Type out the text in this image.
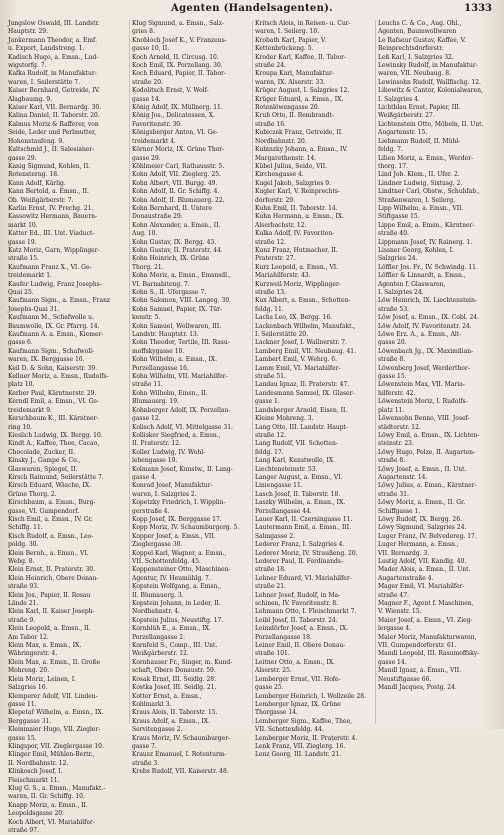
Agenten (Handelsagenten).	1333
Jungslow Oswald, III. Landstr.
Hauptstr. 29.
Junkermann Theodor, a. Emf.
u. Export, Landstrong. 1.
Kadisch Hugo, a. Emsn., Lud-
wigstorfg. 7.
Kafka Rudolf, in Manufaktur-
waren, I. Seilerstätte 7.
Kaiser Bernhard, Getreide, IV.
Alagbaumg. 9.
Kaiser Karl, VII. Bernardg. 30.
Kalina Daniel, II. Taborstr. 20.
Kalmus Moriz & Rafferer, von
Seide, Leder und Perlmutter,
Hohenstaufeng. 9.
Kaltschmid J., II. Salesianer-
gasse 29.
Kanig Sigmund, Kohlen, II.
Rotensterng. 18.
Kann Adolf, Kärlig.
Kann Bertold, a. Emsn., II.
Ob. Weißgärberstr. 7.
Karlin Ernst, IV. Prechg. 21.
Kassowitz Hermann, Bauern-
markt 10.
Katter Ed., III. Unt. Viaduct-
gasse 19.
Katz Moriz, Garn, Wipplinger-
straße 15.
Kaufmann Franz X., VI. Ge-
treidemarkt 1.
Kaufer Ludwig, Franz Josephs-
Quai 25.
Kaufmann Sigm., a. Emsn., Franz
Josephs-Quai 31.
Kaufmann M., Schafwolle u.
Baumwolle, IX. Gr. Pfarrg. 14.
Kaufmann A. a. Emsn., Kiemer-
gasse 6.
Kaufmann Sigm., Schafwoll-
waren, IX. Berggasse 16.
Keil D. & Sohn, Kaiserstr. 39.
Kellner Moriz, a. Emsn., Rudolfs-
platz 10.
Kerber Paul, Kärntnerstr. 29.
Kerndl Emil, a. Emsn., VI. Ge-
treidemarkt 9.
Kerschbaum K., III. Kärntner-
ring 10.
Kieslich Ludwig, IX. Bergg. 10.
Kindt A., Kaffee, Thee, Cacao,
Chocolade, Zucker, II.
Kinsky J., Gampe & Co.,
Glaswaren, Spiegel, II.
Kirsch Raimund, Seilerstätte 7.
Kirsch Eduard, Wäsche, IX.
Grüne Thorg. 2.
Kirschbaum, a. Emsn., Burg-
gasse, VI. Gumpendorf.
Kisch Emil, a. Emsn., IV. Gr.
Schiffg. 11.
Kisch Rudolf, a. Emsn., Leo-
poldg. 30.
Klein Bernh., a. Emsn., VI.
Webg. 8.
Klein Ernst, II. Praterstr. 30.
Klein Heinrich, Obere Donau-
straße 93.
Klein Jos., Papier, II. Rosau
Lände 21.
Klein Karl, II. Kaiser Joseph-
straße 9.
Klein Leopold, a. Emsn., II.
Am Tabor 12.
Klein Max, a. Emsn., IX.
Währingerstr. 4.
Klein Max, a. Emsn., II. Große
Mohreng. 20.
Klein Moriz, Leinen, I.
Salzgries 16.
Klemperer Adolf, VII. Linden-
gasse 11.
Klepetař Wilhelm, a. Emsn., IX.
Berggasse 31.
Kleinmaier Hugo, VII. Ziegler-
gasse 15.
Klingspor, VII. Zieglergasse 10.
Klinger Emil, Mühlen-Bertr.,
II. Nordbahnstr. 12.
Klinkosch Josef, I.
Fleischmarkt 11.
Klug G. S., a. Emsn., Manufakt.-
waren, II. Gr. Schiffg. 10.
Knapp Moriz, a. Emsn., II.
Leopoldsgasse 20.
Koch Albert, VI. Mariahilfer-
straße 97.
Klug Sigmund, a. Emsn., Salz-
gries 8.
Knobloch Josef K., V. Franzens-
gasse 10, II.
Koch Arnold, II. Circusg. 10.
Koch Emil, IX. Porzellang. 30.
Koch Eduard, Papier, II. Tabor-
straße 20.
Kodolitsch Ernst, V. Wolf-
gasse 14.
König Adolf, IX. Müllnerg. 11.
König Jos., Delicatessen, X.
Favoritenstr. 30.
Königsberger Anton, VI. Ge-
treidemarkt 4.
Körner Moriz, IX. Grüne Thor-
gasse 29.
Köhlmeier Carl, Rathausstr. 5.
Kohn Adolf, VII. Zieglerg. 25.
Kohn Albert, VII. Burgg. 49.
Kohn Adolf, II. Gr. Schiffg. 4.
Kohn Adolf, II. Blumauerg. 22.
Kohn Bernhard, II. Untere
Donaustraße 29.
Kohn Alexander, a. Emsn., II.
Aug. 10.
Kohn Gustav, IX. Bergg. 43.
Kohn Gustav, II. Praterstr. 44.
Kohn Heinrich, IX. Grüne
Thorg. 21.
Kohn Moriz, a. Emsn., Emsnsdl.,
VI. Barnabiteng. 7.
Kohn S., II. Ufergasse 7.
Kohn Salomon, VIII. Langeg. 30.
Kohn Samuel, Papier, IX. Tür-
kenstr. 5.
Kohn Samuel, Wollwaren, III.
Landstr. Hauptstr. 13.
Kohn Theodor, Tertile, III. Rasu-
moffskygasse 10.
Kohn Wilhelm, a. Emsn., IX.
Porzellangasse 16.
Kohn Wilhelm, VII. Mariahilfer-
straße 11.
Kohn Wilhelm, Emsn., II.
Blumauerg. 19.
Kohnberger Adolf, IX. Porzellan-
gasse 12.
Kolisch Adolf, VI. Mittelgasse 31.
Kollisker Siegfried, a. Emsn.,
II. Praterstr. 12.
Koller Ludwig, IV. Wohl-
lebengasse 19.
Kolmann Josef, Kunstw., II. Lang-
gasse 4.
Konrad Josef, Manufaktur-
waren, I. Salzgries 2.
Kopetzky Friedrich, I. Wipplin-
gerstraße 4.
Kopp Josef, IX. Berggasse 17.
Kopp Moriz, IV. Schaumburgerg. 5.
Kopper Josef, a. Emsn., VII.
Zieglergasse 30.
Koppel Karl, Wagner, a. Emsn.,
VII. Schottenfeldg. 45.
Koppensteiner Otto, Maschinen-
Agentur, IV. Heumühlg. 7.
Kopstein Wolfgang, a. Emsn.,
II. Blumauerg. 3.
Kopstein Johann, in Leder, II.
Nordbahnstr. 4.
Kopstein Julius, Neustiftg. 17.
Kornblüh E., a. Emsn., IX.
Porzellangasse 2.
Kornfeld S., Comp., III. Unt.
Weißgärberstr. 12.
Kornhauser Fr., Singer, m. Kund-
schaft, Obere Donaustr. 59.
Kosak Ernst, III. Seidlg. 28.
Kostka Josef, III. Seidlg. 21.
Kotter Ernst, a. Emsn.,
Kohlmarkt 3.
Kraus Alois, II. Taborstr. 15.
Kraus Adolf, a. Emsn., IX.
Servitengasse 2.
Kraus Moriz, IV. Schaumburger-
gasse 7.
Krausz Emanuel, I. Rotenturm-
straße 3.
Krebs Rudolf, VII. Kaiserstr. 48.
Kritsch Alois, in Reisen- u. Cur-
waren, I. Seilerg. 10.
Krobath Karl, Papier, V.
Kettenbrückeng. 5.
Kroder Karl, Kaffee, II. Tabor-
straße 24.
Kroupa Karl, Manufaktur-
waren, IX. Alserstr. 33.
Krüger August, I. Salzgries 12.
Krüger Eduard, a. Emsn., IX.
Rotenlöwengasse 20.
Kruh Otto, II. Rembrandt-
straße 16.
Kubiczek Franz, Getreide, II.
Nordbahnstr. 20.
Kubinzky Johann, a. Emsn., IV.
Margarethenstr. 14.
Kübel Julius, Seide, VII.
Kirchengasse 4.
Kugel Jakob, Salzgries 9.
Kugler Karl, V. Reinprechts-
dorferstr. 29.
Kuhn Emil, II. Taborstr. 14.
Kuhn Hermann, a. Emsn., IX.
Alserbachstr. 12.
Kulka Adolf, IV. Favoriten-
straße 12.
Kunz Franz, Hutmacher, II.
Praterstr. 27.
Kurz Leopold, a. Emsn., VI.
Mariahilferstr. 43.
Kurzweil Moriz, Wipplinger-
straße 13.
Kux Albert, a. Emsn., Schotten-
feldg. 11.
Lachs Leo, IX. Bergg. 16.
Lackenbach Wilhelm, Manufakt.,
I. Seilerstätte 20.
Lackner Josef, I. Wallnerstr. 7.
Lamberg Emil, VII. Neubaug. 41.
Lambert Emil, V. Wehrg. 6.
Lamm Emil, VI. Mariahilfer-
straße 51.
Landau Ignaz, II. Praterstr. 47.
Landesmann Samuel, IX. Glaser-
gasse 1.
Landsberger Arnold, Eisen, II.
Kleine Mohreng. 3.
Lang Otto, III. Landstr. Haupt-
straße 12.
Lang Rudolf, VII. Schotten-
feldg. 17.
Lang Karl, Kunstwolle, IX.
Liechtensteinstr. 53.
Langer August, a. Emsn., VI.
Liniengasse 11.
Lasch Josef, II. Taborstr. 18.
Laszky Wilhelm, a. Emsn., IX.
Porzellangasse 44.
Lauer Karl, II. Czerningasse 11.
Lautermann Emil, a. Emsn., III.
Salmgasse 2.
Lederer Franz, I. Salzgries 4.
Lederer Moriz, IV. Straußeng. 20.
Lederer Paul, II. Ferdinands-
straße 18.
Lehner Eduard, VI. Mariahilfer-
straße 21.
Lehner Josef, Rudolf, in Ma-
schinen, IV. Favoritenstr. 8.
Lehmann Otto, I. Fleischmarkt 7.
Leibl Josef, II. Taborstr. 24.
Leimdörfer Josef, a. Emsn., IX.
Porzellangasse 18.
Leiner Emil, II. Obere Donau-
straße 101.
Leitner Otto, a. Emsn., IX.
Alserstr. 25.
Lemberger Ernst, VII. Hofe-
gasse 25.
Lemberger Heinrich, I. Wollzeile 28.
Lemberger Ignaz, IX. Grüne
Thorgasse 14.
Lemberger Sigm., Kaffee, Thee,
VII. Schottenfeldg. 44.
Lemberger Moriz, II. Praterstr. 4.
Lenk Franz, VII. Zieglerg. 16.
Lenz Georg, III. Landstr. 21.
Leuchs C. & Co., Aug. Ohl.,
Agenten, Baumwollwaren
Le Rafseur Gustav, Kaffee, V.
Reinprechtsdorferstr.
Leß Karl, I. Salzgries 32.
Lewinsky Rudolf, in Manufaktur-
waren, VII. Neubaug. 8.
Lewinsohn Rudolf, Wallfischg. 12.
Libowitz & Cantor, Kolonialwaren,
I. Salzgries 4.
Lichtblau Ernst, Papier, III.
Weißgärberstr. 27.
Lichtenstein Otto, Möbeln, II. Unt.
Augartenstr. 15.
Liebmann Rudolf, II. Mühl-
feldg. 7.
Lilien Moriz, a. Emsn., Werder-
thorg. 17.
Lind Job. Klem., II. Ufer. 2.
Lindner Ludwig, Sixtusg. 2.
Lindtner Carl, Obstw., Schuhfab.,
Straßenwaren, I. Seilerg.
Lipp Wilhelm, a. Emsn., VII.
Stiftgasse 15.
Lippe Emil, a. Emsn., Kärntner-
straße 40.
Lippmann Josef, IV. Rainerg. 1.
Lissner Georg, Kohlen, I.
Salzgries 24.
Löffler Jos. Fr., IV. Schwindg. 11.
Löffler & Linnardt, a. Emsn.,
Agenten f. Glaswaren,
I. Salzgries 24.
Löw Heinrich, IX. Liechtenstein-
straße 53.
Löw Josef, a. Emsn., IX. Cobl. 24.
Löw Adolf, IV. Favoritenstr. 24.
Löwe Erz. A., a. Emsn., Alt-
gasse 20.
Löwenbach Jg., IX. Maximilian-
straße 8.
Löwenberg Josef, Werderthor-
gasse 15.
Löwenstein Max, VII. Maria-
hilferstr. 42.
Löwenstein Moriz, I. Rudolfs-
platz 11.
Löwensohn Benno, VIII. Josef-
städterstr. 12.
Löwy Emil, a. Emsn., IX. Lichten-
steinstr. 23.
Löwy Hugo, Pelze, II. Augarten-
straße 8.
Löwy Josef, a. Emsn., II. Unt.
Augartenstr. 14.
Löwy Julius, a. Emsn., Kärntner-
straße 31.
Löwy Moriz, a. Emsn., II. Gr.
Schiffgasse 1.
Löwy Rudolf, IX. Bergg. 26.
Löwy Sigmund, Salzgries 24.
Luger Franz, IV. Belvedereg. 17.
Luger Hermann, a. Emsn.,
VII. Bernardg. 3.
Lustig Adolf, VII. Kandlg. 40.
Mader Alois, a. Emsn., II. Unt.
Augartenstraße 4.
Mager Emil, VI. Mariahilfer-
straße 47.
Magner F., Agent f. Maschinen,
V. Wienstr. 15.
Maier Josef, a. Emsn., VI. Zieg-
lergasse 4.
Maier Moriz, Manufakturwaren,
VII. Gumpendorferstr. 61.
Mandl Leopold, III. Rasumoffsky-
gasse 14.
Mandl Ignaz, a. Emsn., VII.
Neustiftgasse 66.
Mandl Jacques, Postg. 24.
